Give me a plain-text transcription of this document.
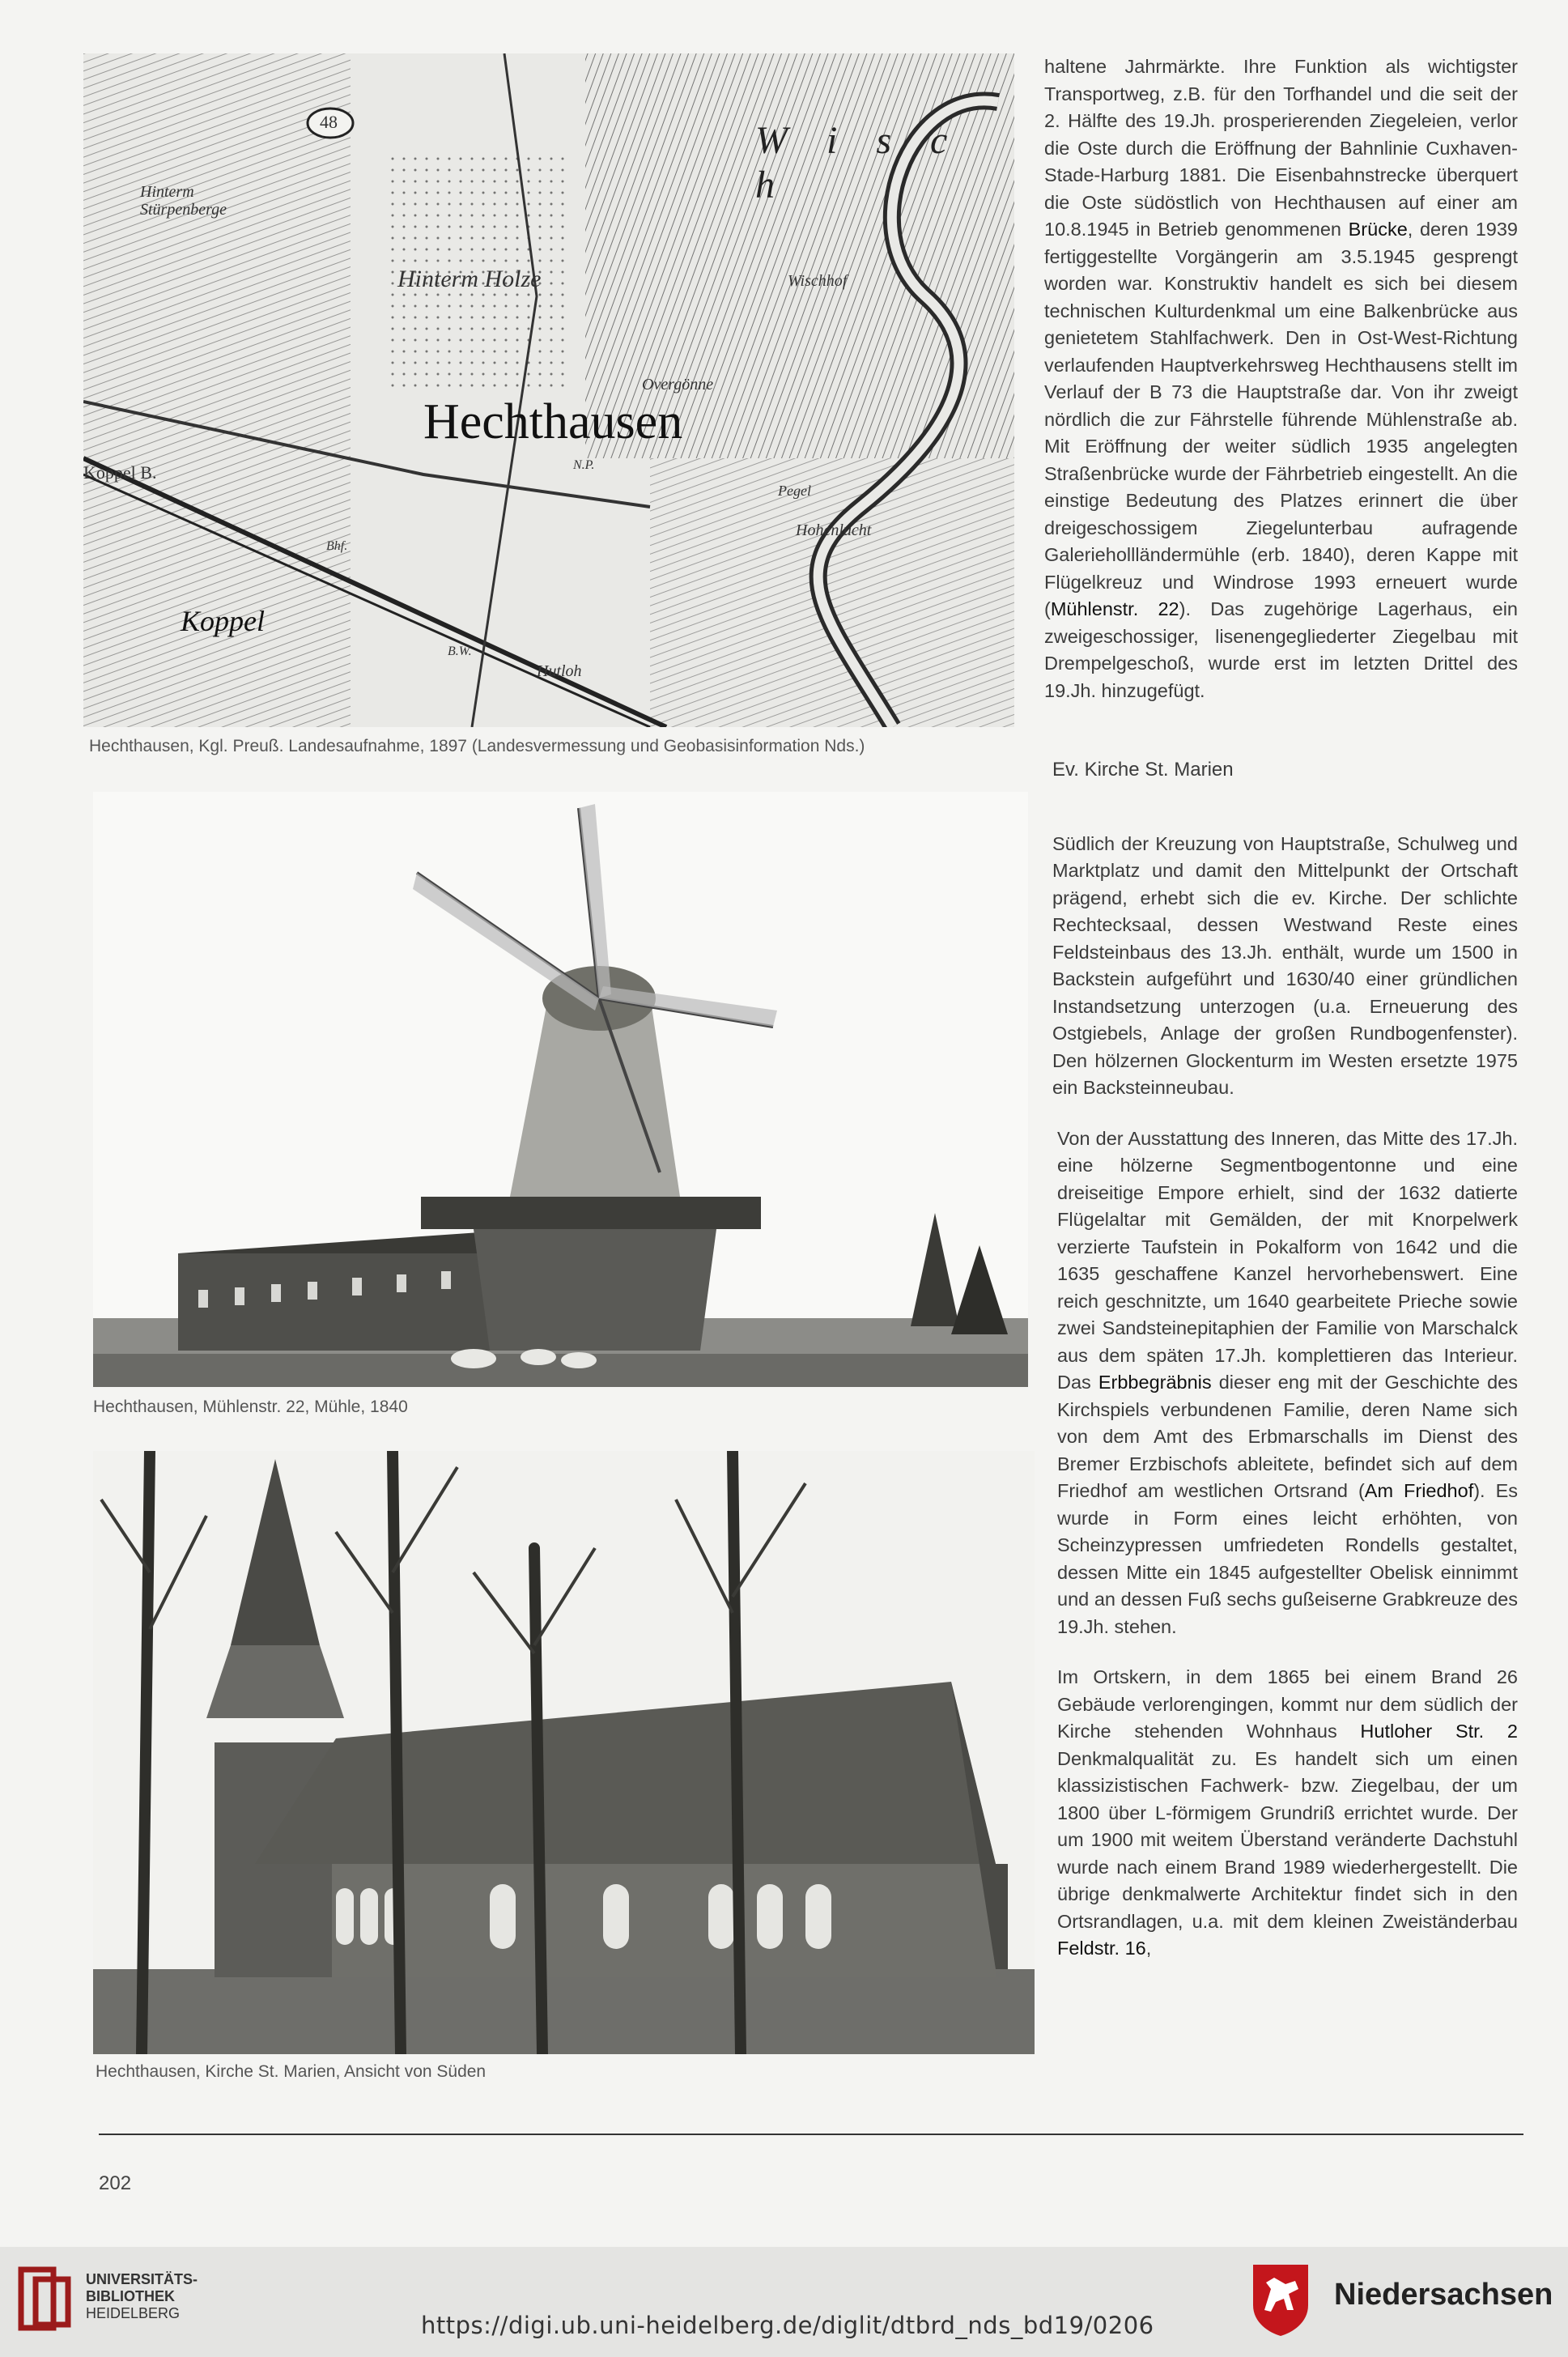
48
Hinterm
Stürpenberge
Hinterm Holze
Hechthausen
Koppel B.
Koppel
Overgönne
Wischhof
Pegel
Hohenlucht
Hutloh
W i s c h
N.P.
B.W.
Bhf.
Hechthausen, Kgl. Preuß. Landesaufnahme, 1897 (Landesvermessung und Geobasisinformation Nds.)
Hechthausen, Mühlenstr. 22, Mühle, 1840
Hechthausen, Kirche St. Marien, Ansicht von Süden

haltene Jahrmärkte. Ihre Funktion als wichtigster Transportweg, z.B. für den Torfhandel und die seit der 2. Hälfte des 19.Jh. prosperierenden Ziegeleien, verlor die Oste durch die Eröffnung der Bahnlinie Cuxhaven-Stade-Harburg 1881. Die Eisenbahnstrecke überquert die Oste südöstlich von Hechthausen auf einer am 10.8.1945 in Betrieb genommenen Brücke, deren 1939 fertiggestellte Vorgängerin am 3.5.1945 gesprengt worden war. Konstruktiv handelt es sich bei diesem technischen Kulturdenkmal um eine Balkenbrücke aus genietetem Stahlfachwerk. Den in Ost-West-Richtung verlaufenden Hauptverkehrsweg Hechthausens stellt im Verlauf der B 73 die Hauptstraße dar. Von ihr zweigt nördlich die zur Fährstelle führende Mühlenstraße ab. Mit Eröffnung der weiter südlich 1935 angelegten Straßenbrücke wurde der Fährbetrieb eingestellt. An die einstige Bedeutung des Platzes erinnert die über dreigeschossigem Ziegelunterbau aufragende Galeriehollländermühle (erb. 1840), deren Kappe mit Flügelkreuz und Windrose 1993 erneuert wurde (Mühlenstr. 22). Das zugehörige Lagerhaus, ein zweigeschossiger, lisenengegliederter Ziegelbau mit Drempelgeschoß, wurde erst im letzten Drittel des 19.Jh. hinzugefügt.

Ev. Kirche St. Marien

Südlich der Kreuzung von Hauptstraße, Schulweg und Marktplatz und damit den Mittelpunkt der Ortschaft prägend, erhebt sich die ev. Kirche. Der schlichte Rechtecksaal, dessen Westwand Reste eines Feldsteinbaus des 13.Jh. enthält, wurde um 1500 in Backstein aufgeführt und 1630/40 einer gründlichen Instandsetzung unterzogen (u.a. Erneuerung des Ostgiebels, Anlage der großen Rundbogenfenster). Den hölzernen Glockenturm im Westen ersetzte 1975 ein Backsteinneubau.

Von der Ausstattung des Inneren, das Mitte des 17.Jh. eine hölzerne Segmentbogentonne und eine dreiseitige Empore erhielt, sind der 1632 datierte Flügelaltar mit Gemälden, der mit Knorpelwerk verzierte Taufstein in Pokalform von 1642 und die 1635 geschaffene Kanzel hervorhebenswert. Eine reich geschnitzte, um 1640 gearbeitete Prieche sowie zwei Sandsteinepitaphien der Familie von Marschalck aus dem späten 17.Jh. komplettieren das Interieur. Das Erbbegräbnis dieser eng mit der Geschichte des Kirchspiels verbundenen Familie, deren Name sich von dem Amt des Erbmarschalls im Dienst des Bremer Erzbischofs ableitete, befindet sich auf dem Friedhof am westlichen Ortsrand (Am Friedhof). Es wurde in Form eines leicht erhöhten, von Scheinzypressen umfriedeten Rondells gestaltet, dessen Mitte ein 1845 aufgestellter Obelisk einnimmt und an dessen Fuß sechs gußeiserne Grabkreuze des 19.Jh. stehen.

Im Ortskern, in dem 1865 bei einem Brand 26 Gebäude verlorengingen, kommt nur dem südlich der Kirche stehenden Wohnhaus Hutloher Str. 2 Denkmalqualität zu. Es handelt sich um einen klassizistischen Fachwerk- bzw. Ziegelbau, der um 1800 über L-förmigem Grundriß errichtet wurde. Der um 1900 mit weitem Überstand veränderte Dachstuhl wurde nach einem Brand 1989 wiederhergestellt. Die übrige denkmalwerte Architektur findet sich in den Ortsrandlagen, u.a. mit dem kleinen Zweiständerbau Feldstr. 16,

202
UNIVERSITÄTS-
BIBLIOTHEK
HEIDELBERG	https://digi.ub.uni-heidelberg.de/diglit/dtbrd_nds_bd19/0206
Niedersachsen
